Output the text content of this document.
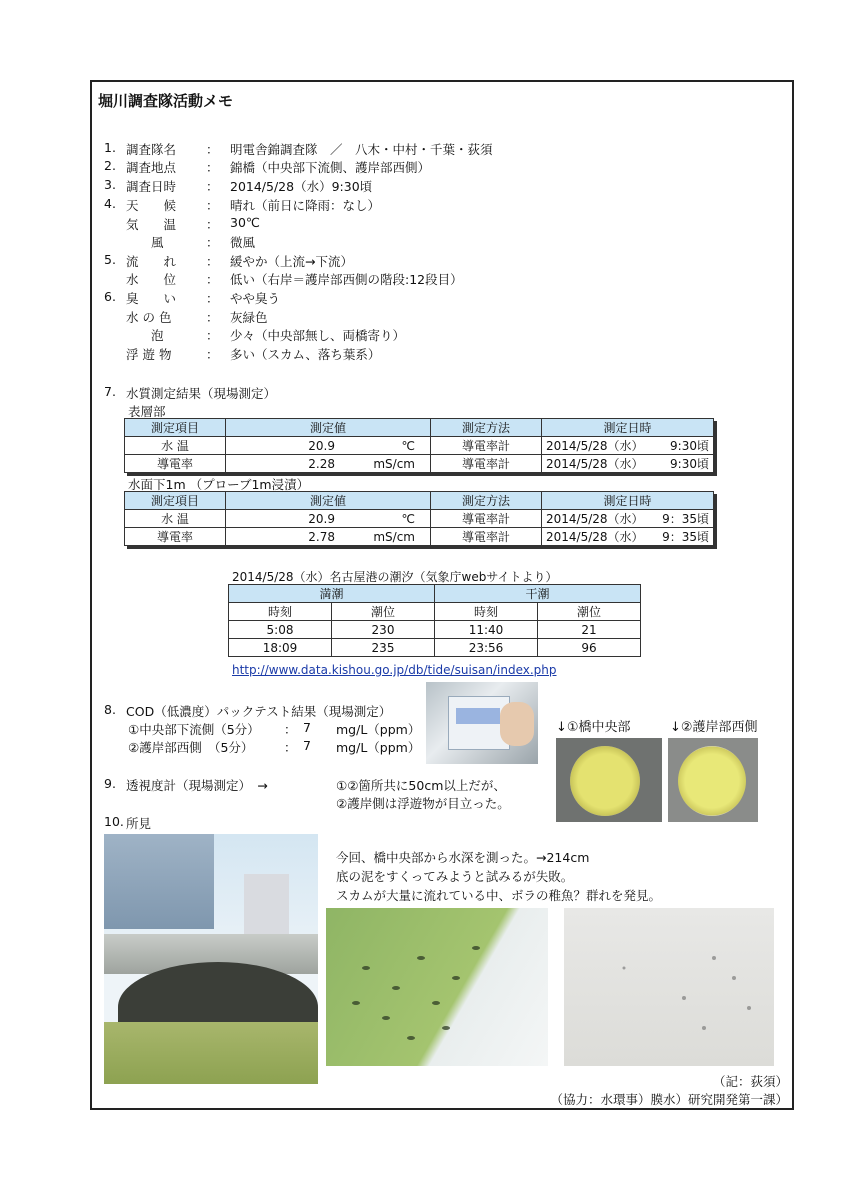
堀川調査隊活動メモ
1. 調査隊名 ： 明電舎錦調査隊　／　八木・中村・千葉・荻須
2. 調査地点 ： 錦橋（中央部下流側、護岸部西側）
3. 調査日時 ： 2014/5/28（水）9:30頃
4. 天　　候 ： 晴れ（前日に降雨：なし）
気　　温 ： 30℃
　　風	： 微風
5. 流　　れ ： 緩やか（上流→下流）
水　　位 ： 低い（右岸＝護岸部西側の階段:12段目）
6. 臭　　い ： やや臭う
水 の 色	： 灰緑色
　　泡	： 少々（中央部無し、両橋寄り）
浮 遊 物	： 多い（スカム、落ち葉系）
7. 水質測定結果（現場測定）
表層部
測定項目	測定値	測定方法	測定日時
水 温	20.9 ℃	導電率計	2014/5/28（水） 9:30頃

導電率	2.28 mS/cm	導電率計	2014/5/28（水） 9:30頃
水面下1m （プローブ1m浸漬）
測定項目	測定値	測定方法	測定日時
水 温	20.9 ℃	導電率計	2014/5/28（水） 9：35頃

導電率	2.78 mS/cm	導電率計	2014/5/28（水） 9：35頃
2014/5/28（水）名古屋港の潮汐（気象庁webサイトより）
満潮		干潮	
時刻	潮位	時刻	潮位
5:08	230	11:40	21
18:09	235	23:56	96
http://www.data.kishou.go.jp/db/tide/suisan/index.php
8. COD（低濃度）パックテスト結果（現場測定）
①中央部下流側（5分） ： 7 mg/L（ppm）
②護岸部西側　（5分） ： 7 mg/L（ppm）
↓①橋中央部	↓②護岸部西側
9. 透視度計（現場測定）　→	①②箇所共に50cm以上だが、
②護岸側は浮遊物が目立った。
10. 所見
今回、橋中央部から水深を測った。→214cm
底の泥をすくってみようと試みるが失敗。
スカムが大量に流れている中、ボラの稚魚？群れを発見。
（記：荻須）
（協力：水環事）膜水）研究開発第一課）
